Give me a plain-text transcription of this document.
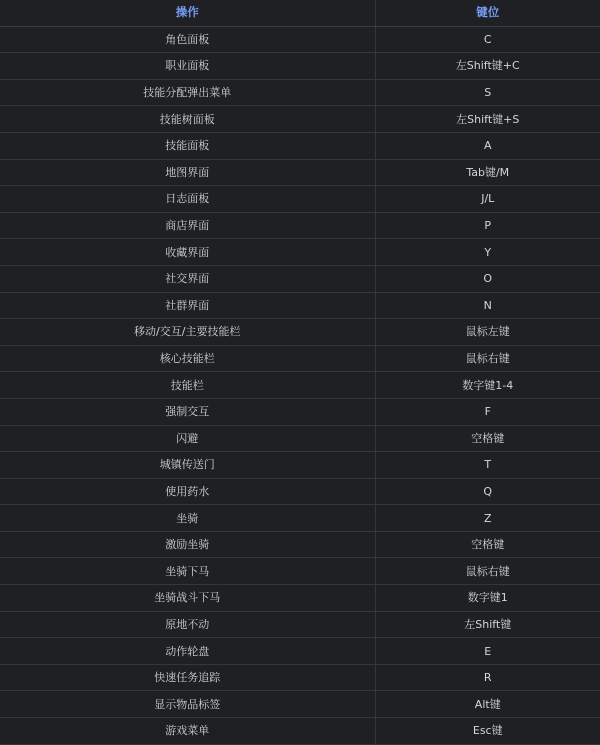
操作	键位
角色面板	C
职业面板	左Shift键+C
技能分配弹出菜单	S
技能树面板	左Shift键+S
技能面板	A
地图界面	Tab键/M
日志面板	J/L
商店界面	P
收藏界面	Y
社交界面	O
社群界面	N
移动/交互/主要技能栏	鼠标左键
核心技能栏	鼠标右键
技能栏	数字键1-4
强制交互	F
闪避	空格键
城镇传送门	T
使用药水	Q
坐骑	Z
激励坐骑	空格键
坐骑下马	鼠标右键
坐骑战斗下马	数字键1
原地不动	左Shift键
动作轮盘	E
快速任务追踪	R
显示物品标签	Alt键
游戏菜单	Esc键
